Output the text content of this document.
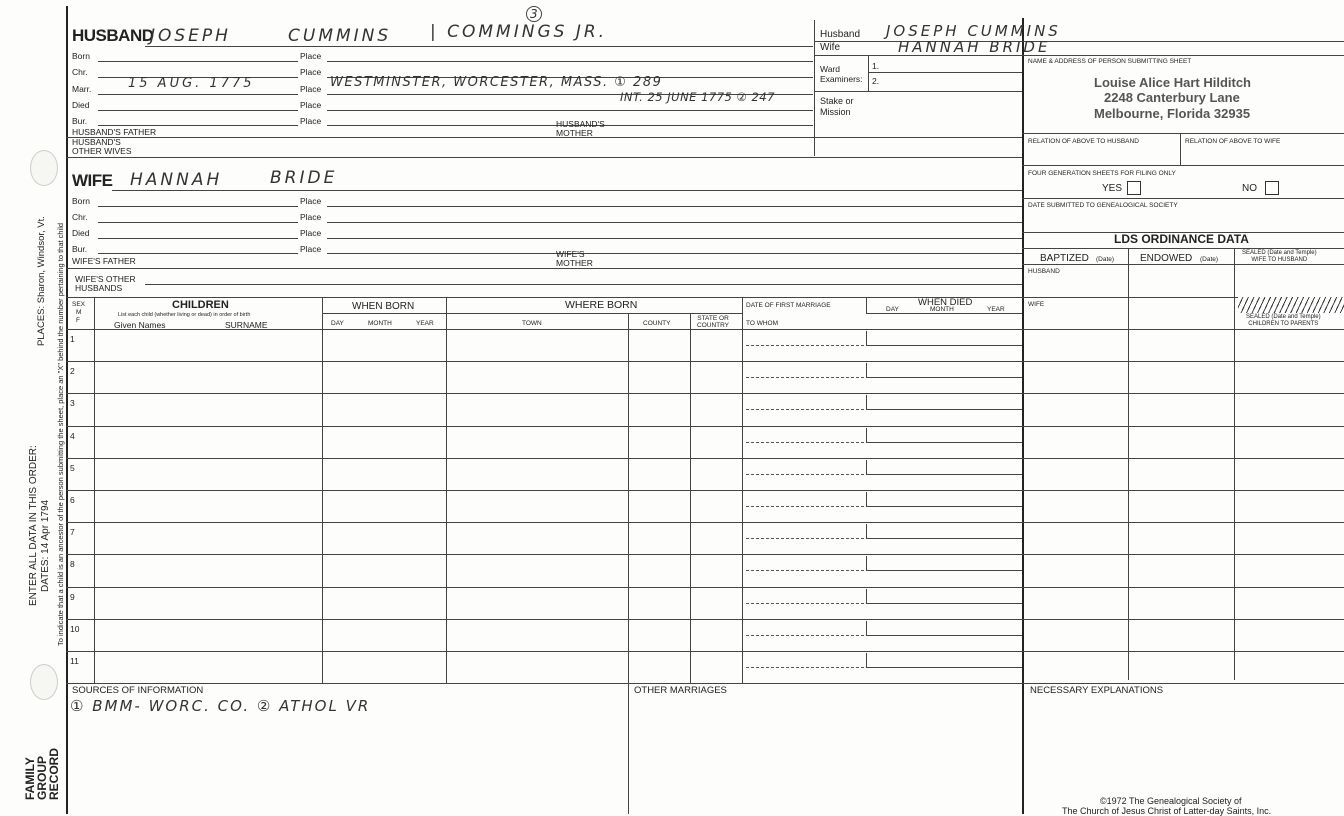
PLACES: Sharon, Windsor, Vt. To indicate that a child is an ancestor of the person submitting the sheet, place an "X" behind the number pertaining to that child
ENTER ALL DATA IN THIS ORDER: DATES: 14 Apr 1794
FAMILY
GROUP
RECORD
HUSBAND
JOSEPH	CUMMINS | COMMINGS JR.
3
Born	Place
Chr.	Place
Marr.	15 AUG. 1775	Place WESTMINSTER, WORCESTER, MASS. ① 289
INT. 25 JUNE 1775 ② 247
Died	Place
Bur.	Place
HUSBAND'S FATHER
HUSBAND'S
MOTHER
HUSBAND'S
OTHER WIVES
Husband JOSEPH CUMMINS
Wife	HANNAH BRIDE
Ward	1.
Examiners: 2.
Stake or
Mission
WIFE HANNAH	BRIDE
Born	Place
Chr.	Place
Died	Place
Bur.	Place
WIFE'S FATHER
WIFE'S
MOTHER
WIFE'S OTHER
HUSBANDS
NAME & ADDRESS OF PERSON SUBMITTING SHEET
Louise Alice Hart Hilditch
2248 Canterbury Lane
Melbourne, Florida 32935
RELATION OF ABOVE TO HUSBAND	RELATION OF ABOVE TO WIFE
FOUR GENERATION SHEETS FOR FILING ONLY
YES	NO
DATE SUBMITTED TO GENEALOGICAL SOCIETY
LDS ORDINANCE DATA
BAPTIZED (Date)	ENDOWED (Date)
SEALED (Date and Temple)
WIFE TO HUSBAND
HUSBAND
WIFE
SEALED (Date and Temple)
CHILDREN TO PARENTS
SEX
M
F
CHILDREN
List each child (whether living or dead) in order of birth
Given Names	SURNAME
WHEN BORN
DAY	MONTH	YEAR
WHERE BORN
TOWN	COUNTY
STATE OR
COUNTRY
DATE OF FIRST MARRIAGE
TO WHOM
WHEN DIED
DAY	MONTH	YEAR
1
2
3
4
5
6
7
8
9
10
11
SOURCES OF INFORMATION
① BMM- WORC. CO. ② ATHOL VR
OTHER MARRIAGES	NECESSARY EXPLANATIONS
©1972 The Genealogical Society of
The Church of Jesus Christ of Latter-day Saints, Inc.
